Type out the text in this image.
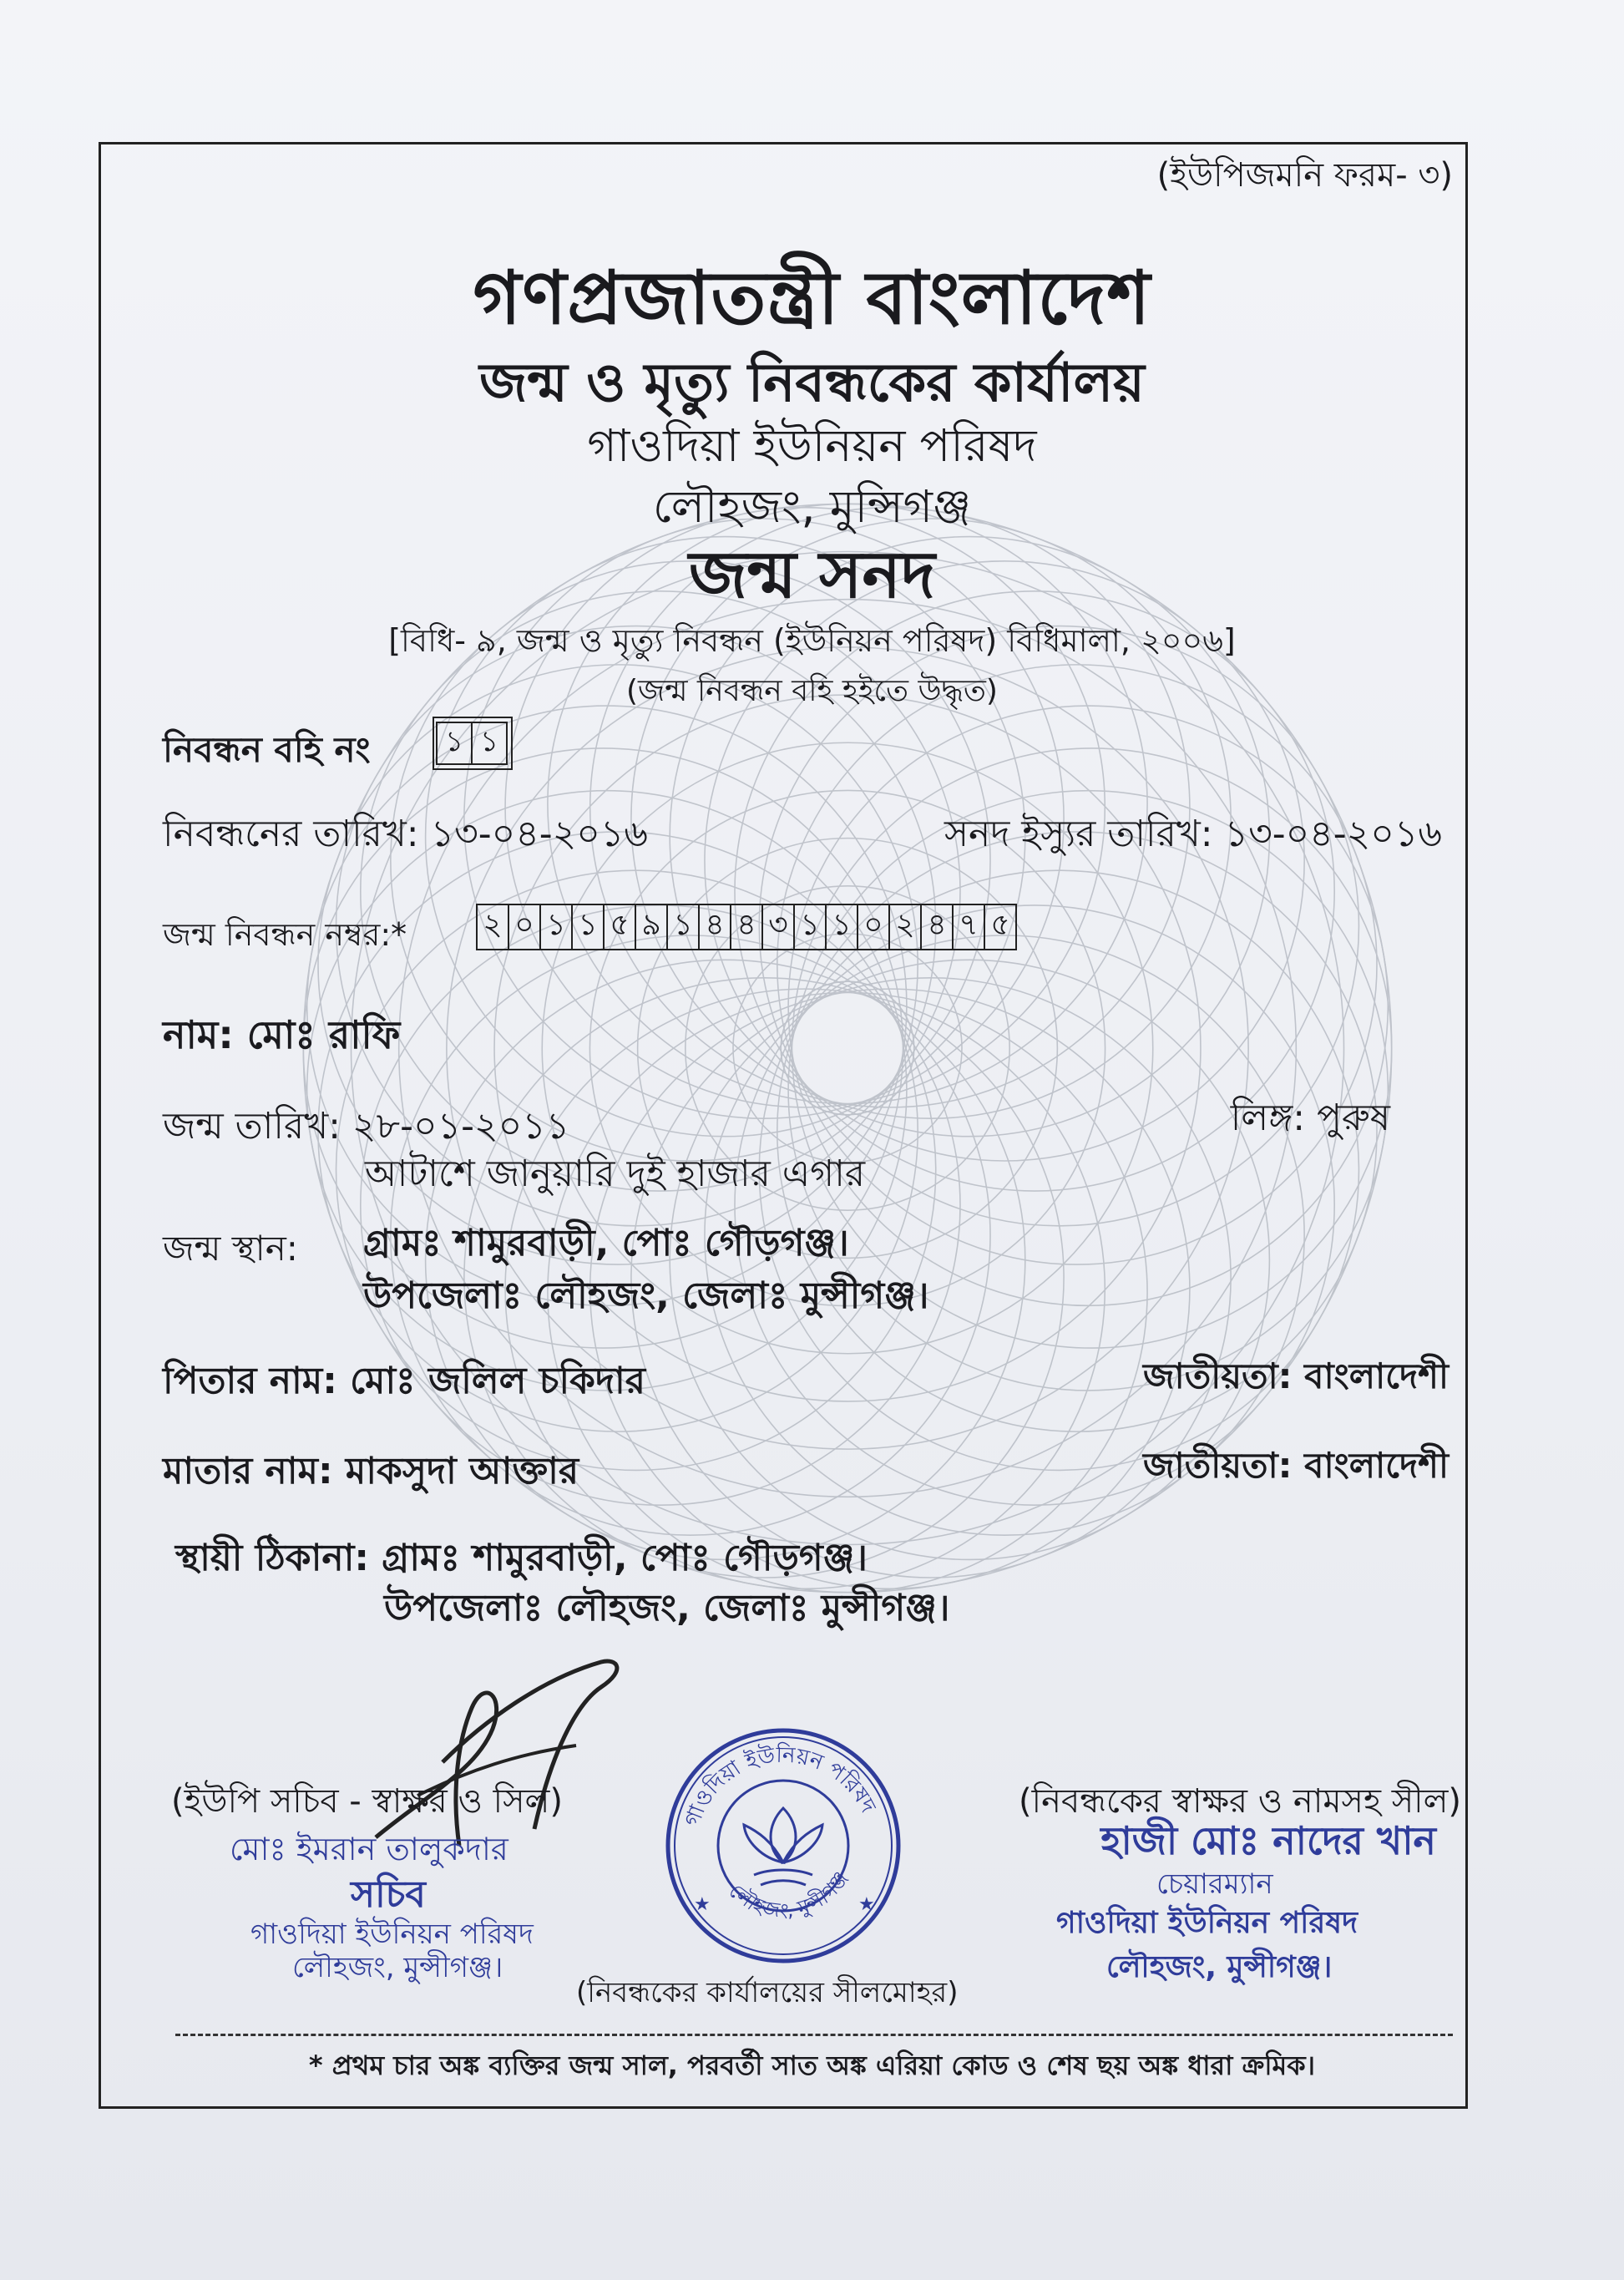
(ইউপিজমনি ফরম- ৩)
গণপ্রজাতন্ত্রী বাংলাদেশ
জন্ম ও মৃত্যু নিবন্ধকের কার্যালয়
গাওদিয়া ইউনিয়ন পরিষদ
লৌহজং, মুন্সিগঞ্জ
জন্ম সনদ
[বিধি- ৯, জন্ম ও মৃত্যু নিবন্ধন (ইউনিয়ন পরিষদ) বিধিমালা, ২০০৬]
(জন্ম নিবন্ধন বহি হইতে উদ্ধৃত)
নিবন্ধন বহি নং	১ ১
নিবন্ধনের তারিখ: ১৩-০৪-২০১৬	সনদ ইস্যুর তারিখ: ১৩-০৪-২০১৬
জন্ম নিবন্ধন নম্বর:*	২ ০ ১ ১ ৫ ৯ ১ ৪ ৪ ৩ ১ ১ ০ ২ ৪ ৭ ৫
নাম: মোঃ রাফি
জন্ম তারিখ: ২৮-০১-২০১১	লিঙ্গ: পুরুষ
আটাশে জানুয়ারি দুই হাজার এগার
জন্ম স্থান: গ্রামঃ শামুরবাড়ী, পোঃ গৌড়গঞ্জ।
উপজেলাঃ লৌহজং, জেলাঃ মুন্সীগঞ্জ।
পিতার নাম: মোঃ জলিল চকিদার	জাতীয়তা: বাংলাদেশী
মাতার নাম: মাকসুদা আক্তার	জাতীয়তা: বাংলাদেশী
স্থায়ী ঠিকানা: গ্রামঃ শামুরবাড়ী, পোঃ গৌড়গঞ্জ।
উপজেলাঃ লৌহজং, জেলাঃ মুন্সীগঞ্জ।
(ইউপি সচিব - স্বাক্ষর ও সিল)
মোঃ ইমরান তালুকদার
সচিব
গাওদিয়া ইউনিয়ন পরিষদ
লৌহজং, মুন্সীগঞ্জ।
গাওদিয়া ইউনিয়ন পরিষদ
লৌহজং, মুন্সীগঞ্জ
★	★
(নিবন্ধকের কার্যালয়ের সীলমোহর)
(নিবন্ধকের স্বাক্ষর ও নামসহ সীল)
হাজী মোঃ নাদের খান
চেয়ারম্যান
গাওদিয়া ইউনিয়ন পরিষদ
লৌহজং, মুন্সীগঞ্জ।
* প্রথম চার অঙ্ক ব্যক্তির জন্ম সাল, পরবর্তী সাত অঙ্ক এরিয়া কোড ও শেষ ছয় অঙ্ক ধারা ক্রমিক।
